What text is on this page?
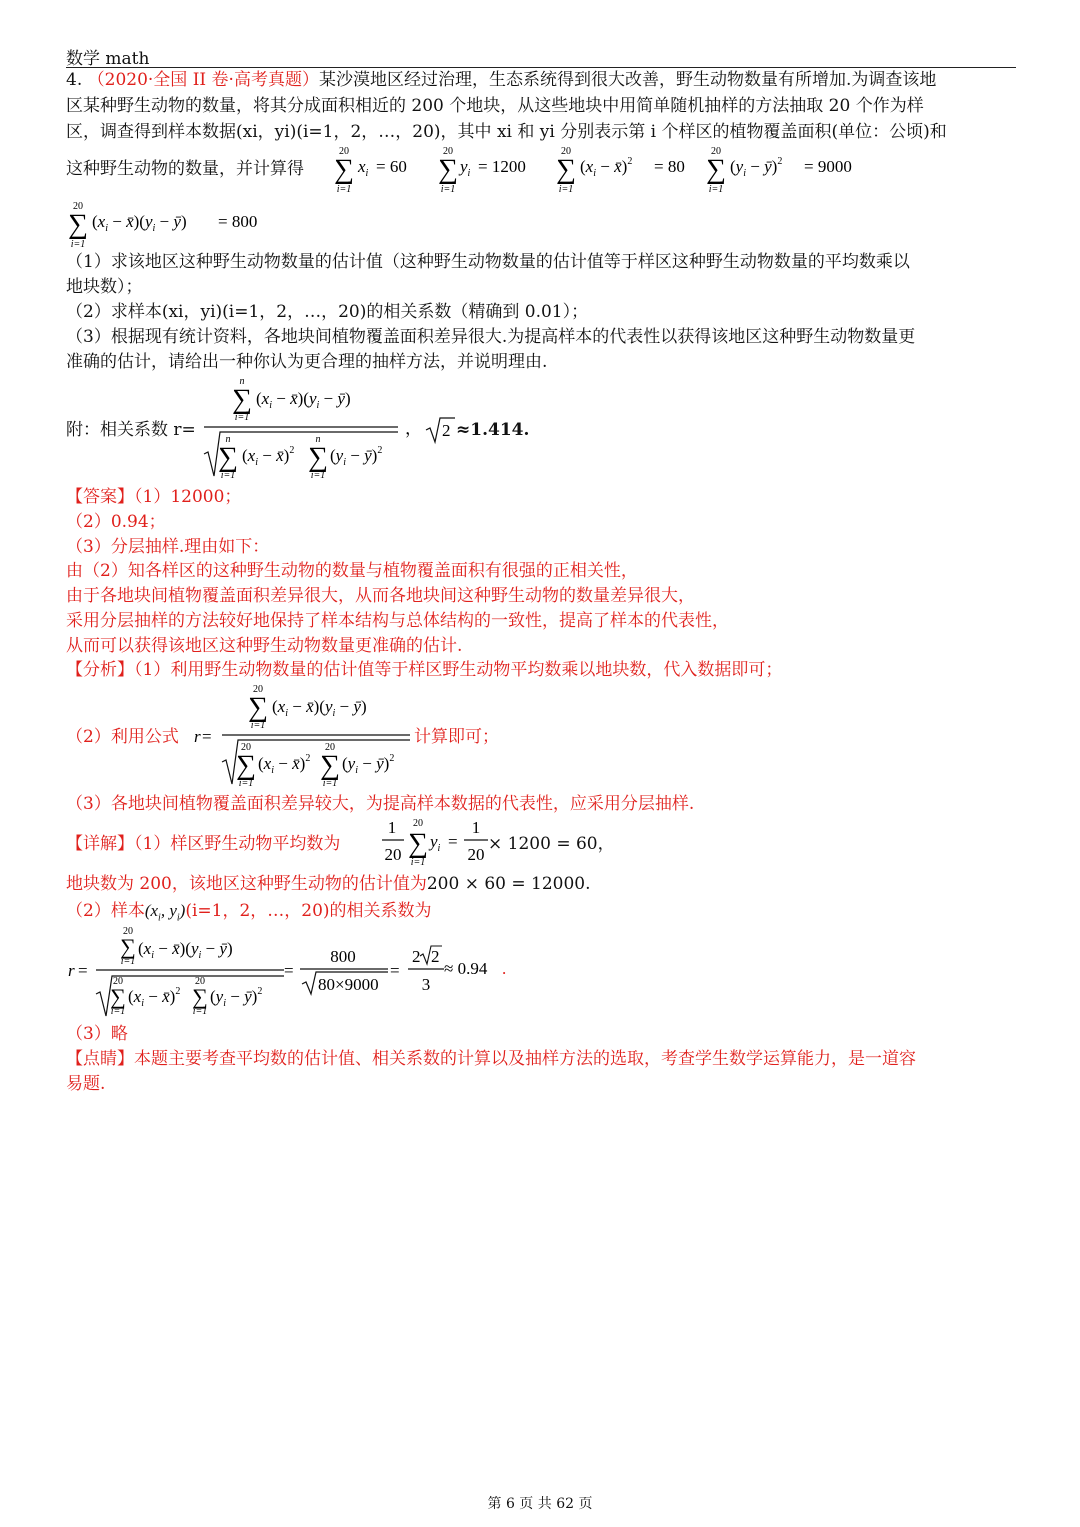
数学 math
4. （2020·全国 II 卷·高考真题）某沙漠地区经过治理，生态系统得到很大改善，野生动物数量有所增加.为调查该地
区某种野生动物的数量，将其分成面积相近的 200 个地块，从这些地块中用简单随机抽样的方法抽取 20 个作为样
区，调查得到样本数据(xi，yi)(i=1，2，…，20)，其中 xi 和 yi 分别表示第 i 个样区的植物覆盖面积(单位：公顷)和
这种野生动物的数量，并计算得
20
∑
i=1
$x_i = 60$
20
∑
i=1
$y_i = 1200$
20
∑
i=1
($x_i$ − x̄)$^2$ = 80
20
∑
i=1
($y_i$ − ȳ)$^2$ = 9000
20
∑
i=1
($x_i$ − $x̄)(y_i$ − ȳ) = 800
（1）求该地区这种野生动物数量的估计值（这种野生动物数量的估计值等于样区这种野生动物数量的平均数乘以
地块数）；
（2）求样本(xi，yi)(i=1，2，…，20)的相关系数（精确到 0.01）；
（3）根据现有统计资料，各地块间植物覆盖面积差异很大.为提高样本的代表性以获得该地区这种野生动物数量更
准确的估计，请给出一种你认为更合理的抽样方法，并说明理由.
附：相关系数 r=
n
∑
i=1
($x_i$ − $x̄)(y_i$ − ȳ)
n
∑
i=1
($x_i$ − x̄)$^2$
n
∑
i=1
($y_i$ − ȳ)$^2$
， 2 ≈1.414.
【答案】（1）12000；
（2）0.94；
（3）分层抽样.理由如下：
由（2）知各样区的这种野生动物的数量与植物覆盖面积有很强的正相关性，
由于各地块间植物覆盖面积差异很大，从而各地块间这种野生动物的数量差异很大，
采用分层抽样的方法较好地保持了样本结构与总体结构的一致性，提高了样本的代表性，
从而可以获得该地区这种野生动物数量更准确的估计.
【分析】（1）利用野生动物数量的估计值等于样区野生动物平均数乘以地块数，代入数据即可；
（2）利用公式 r =
20
∑
i=1
($x_i$ − $x̄)(y_i$ − ȳ)
20
∑
i=1
($x_i$ − x̄)$^2$
20
∑
i=1
($y_i$ − ȳ)$^2$
计算即可；
（3）各地块间植物覆盖面积差异较大，为提高样本数据的代表性，应采用分层抽样.
【详解】（1）样区野生动物平均数为
1
20
20
∑
i=1
$y_i$ =
1
20
× 1200 = 60，
地块数为 200，该地区这种野生动物的估计值为200 × 60 = 12000.
（2）样本($x_i$, $y_i)(i=1$，2，…，20)的相关系数为
r =
20
∑
i=1
($x_i$ − $x̄)(y_i$ − ȳ)
20
∑
i=1
($x_i$ − x̄)$^2$
20
∑
i=1
($y_i$ − ȳ)$^2$
=
800
80×9000
=
2 2
3
≈ 0.94 .
（3）略
【点睛】本题主要考查平均数的估计值、相关系数的计算以及抽样方法的选取，考查学生数学运算能力，是一道容
易题.
第 6 页 共 62 页
